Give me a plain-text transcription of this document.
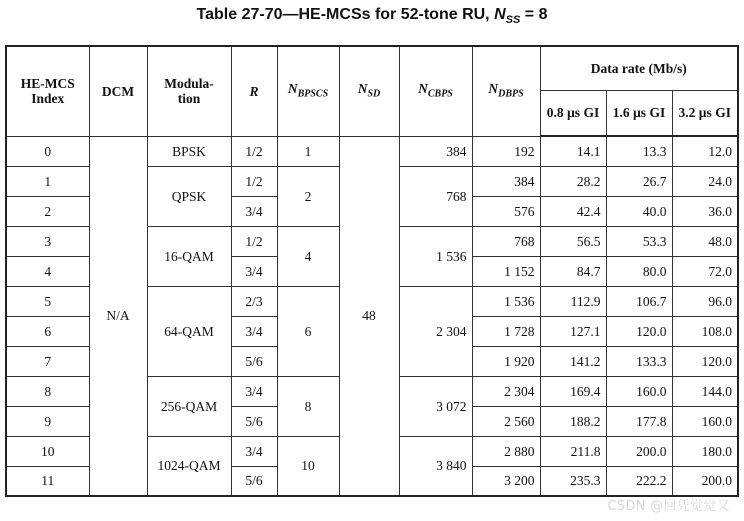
Table 27-70—HE-MCSs for 52-tone RU, $N_{SS} = 8$
HE-MCS Index	DCM	Modula- tion	R	$N_{BPSCS}$	$N_{SD}$	$N_{CBPS}$	$N_{DBPS}$	Data rate (Mb/s)		
								0.8 µs GI	1.6 µs GI	3.2 µs GI
0	N/A	BPSK	1/2	1	48	384	192	14.1	13.3	12.0
1		QPSK	1/2	2		768	384	28.2	26.7	24.0
2			3/4				576	42.4	40.0	36.0
3		16-QAM	1/2	4		1 536	768	56.5	53.3	48.0
4			3/4				1 152	84.7	80.0	72.0
5		64-QAM	2/3	6		2 304	1 536	112.9	106.7	96.0
6			3/4				1 728	127.1	120.0	108.0
7			5/6				1 920	141.2	133.3	120.0
8		256-QAM	3/4	8		3 072	2 304	169.4	160.0	144.0
9			5/6				2 560	188.2	177.8	160.0
10		1024-QAM	3/4	10		3 840	2 880	211.8	200.0	180.0
11			5/6				3 200	235.3	222.2	200.0
CSDN @回凭觉觉又
